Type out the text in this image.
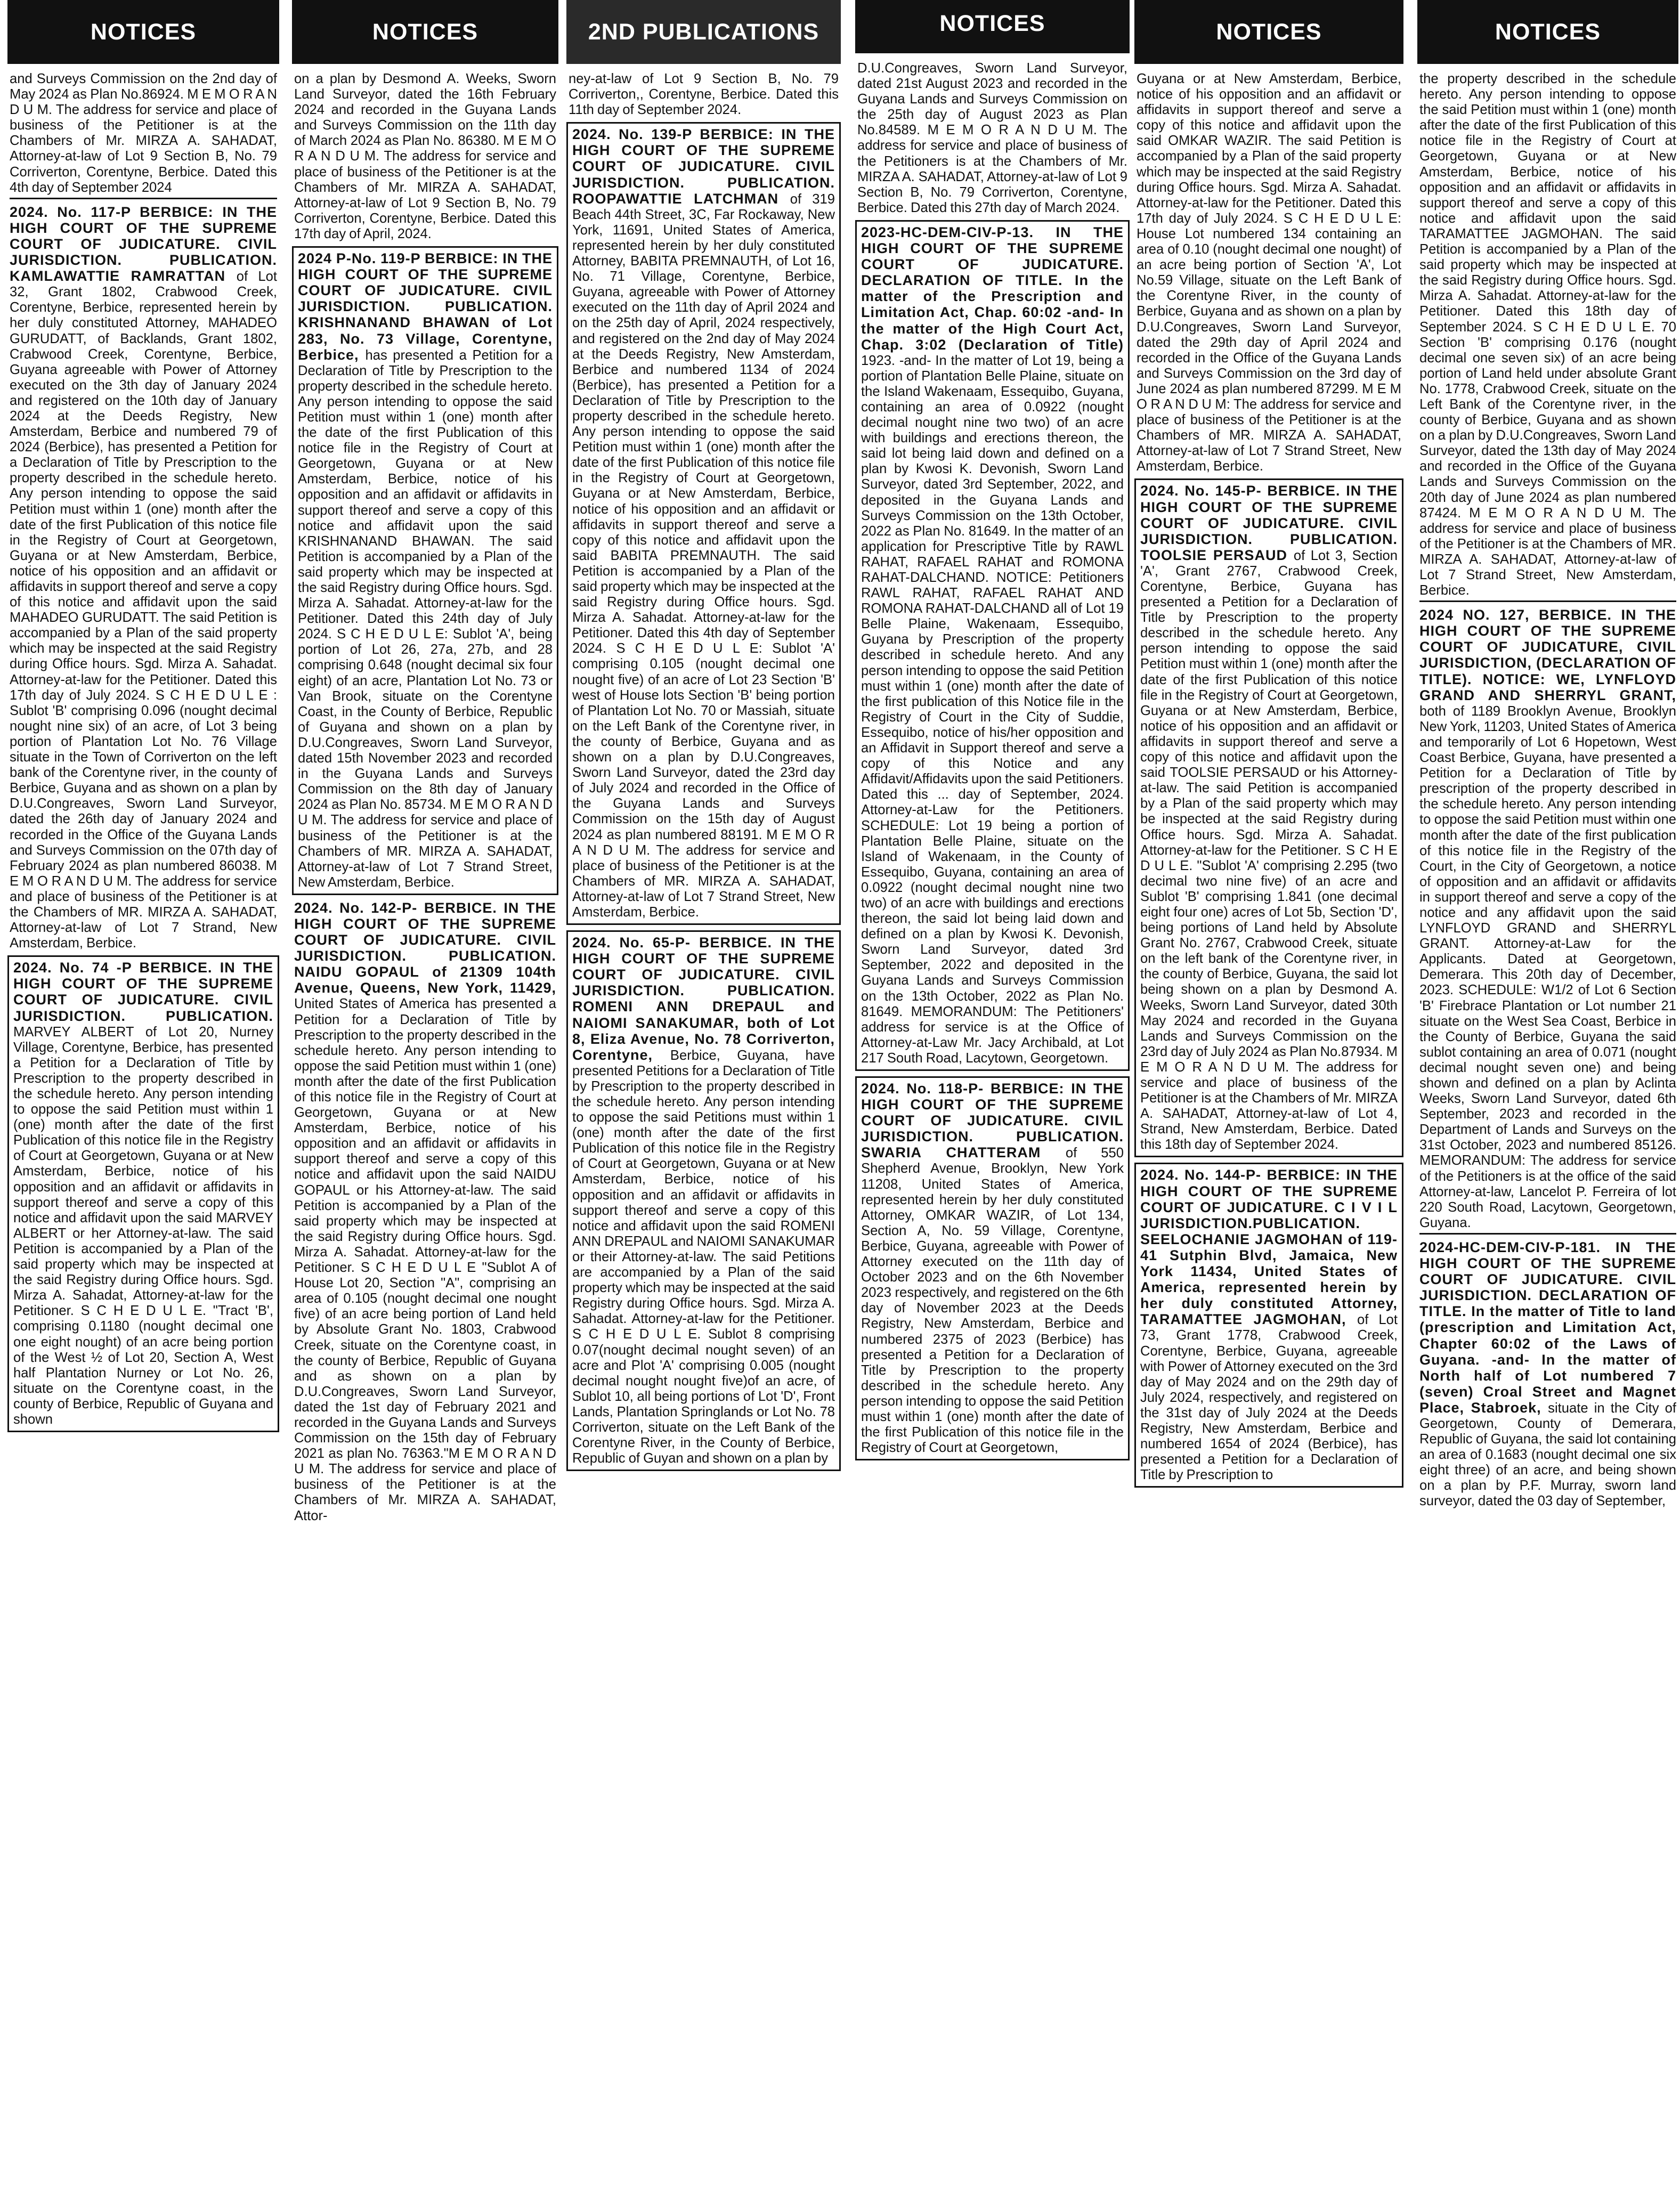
NOTICES
and Surveys Commission on the 2nd day of May 2024 as Plan No.86924. M E M O R A N D U M. The address for service and place of business of the Petitioner is at the Chambers of Mr. MIRZA A. SAHADAT, Attorney-at-law of Lot 9 Section B, No. 79 Corriverton, Corentyne, Berbice. Dated this 4th day of September 2024
2024. No. 117-P BERBICE: IN THE HIGH COURT OF THE SUPREME COURT OF JUDICATURE. CIVIL JURISDICTION. PUBLICATION. KAMLAWATTIE RAMRATTAN of Lot 32, Grant 1802, Crabwood Creek, Corentyne, Berbice, represented herein by her duly constituted Attorney, MAHADEO GURUDATT, of Backlands, Grant 1802, Crabwood Creek, Corentyne, Berbice, Guyana agreeable with Power of Attorney executed on the 3th day of January 2024 and registered on the 10th day of January 2024 at the Deeds Registry, New Amsterdam, Berbice and numbered 79 of 2024 (Berbice), has presented a Petition for a Declaration of Title by Prescription to the property described in the schedule hereto. Any person intending to oppose the said Petition must within 1 (one) month after the date of the first Publication of this notice file in the Registry of Court at Georgetown, Guyana or at New Amsterdam, Berbice, notice of his opposition and an affidavit or affidavits in support thereof and serve a copy of this notice and affidavit upon the said MAHADEO GURUDATT. The said Petition is accompanied by a Plan of the said property which may be inspected at the said Registry during Office hours. Sgd. Mirza A. Sahadat. Attorney-at-law for the Petitioner. Dated this 17th day of July 2024. S C H E D U L E : Sublot 'B' comprising 0.096 (nought decimal nought nine six) of an acre, of Lot 3 being portion of Plantation Lot No. 76 Village situate in the Town of Corriverton on the left bank of the Corentyne river, in the county of Berbice, Guyana and as shown on a plan by D.U.Congreaves, Sworn Land Surveyor, dated the 26th day of January 2024 and recorded in the Office of the Guyana Lands and Surveys Commission on the 07th day of February 2024 as plan numbered 86038. M E M O R A N D U M. The address for service and place of business of the Petitioner is at the Chambers of MR. MIRZA A. SAHADAT, Attorney-at-law of Lot 7 Strand, New Amsterdam, Berbice.
2024. No. 74 -P BERBICE. IN THE HIGH COURT OF THE SUPREME COURT OF JUDICATURE. CIVIL JURISDICTION. PUBLICATION. MARVEY ALBERT of Lot 20, Nurney Village, Corentyne, Berbice, has presented a Petition for a Declaration of Title by Prescription to the property described in the schedule hereto. Any person intending to oppose the said Petition must within 1 (one) month after the date of the first Publication of this notice file in the Registry of Court at Georgetown, Guyana or at New Amsterdam, Berbice, notice of his opposition and an affidavit or affidavits in support thereof and serve a copy of this notice and affidavit upon the said MARVEY ALBERT or her Attorney-at-law. The said Petition is accompanied by a Plan of the said property which may be inspected at the said Registry during Office hours. Sgd. Mirza A. Sahadat, Attorney-at-law for the Petitioner. S C H E D U L E. "Tract 'B', comprising 0.1180 (nought decimal one one eight nought) of an acre being portion of the West ½ of Lot 20, Section A, West half Plantation Nurney or Lot No. 26, situate on the Corentyne coast, in the county of Berbice, Republic of Guyana and shown
NOTICES
on a plan by Desmond A. Weeks, Sworn Land Surveyor, dated the 16th February 2024 and recorded in the Guyana Lands and Surveys Commission on the 11th day of March 2024 as Plan No. 86380. M E M O R A N D U M. The address for service and place of business of the Petitioner is at the Chambers of Mr. MIRZA A. SAHADAT, Attorney-at-law of Lot 9 Section B, No. 79 Corriverton, Corentyne, Berbice. Dated this 17th day of April, 2024.
2024 P-No. 119-P BERBICE: IN THE HIGH COURT OF THE SUPREME COURT OF JUDICATURE. CIVIL JURISDICTION. PUBLICATION. KRISHNANAND BHAWAN of Lot 283, No. 73 Village, Corentyne, Berbice, has presented a Petition for a Declaration of Title by Prescription to the property described in the schedule hereto. Any person intending to oppose the said Petition must within 1 (one) month after the date of the first Publication of this notice file in the Registry of Court at Georgetown, Guyana or at New Amsterdam, Berbice, notice of his opposition and an affidavit or affidavits in support thereof and serve a copy of this notice and affidavit upon the said KRISHNANAND BHAWAN. The said Petition is accompanied by a Plan of the said property which may be inspected at the said Registry during Office hours. Sgd. Mirza A. Sahadat. Attorney-at-law for the Petitioner. Dated this 24th day of July 2024. S C H E D U L E: Sublot 'A', being portion of Lot 26, 27a, 27b, and 28 comprising 0.648 (nought decimal six four eight) of an acre, Plantation Lot No. 73 or Van Brook, situate on the Corentyne Coast, in the County of Berbice, Republic of Guyana and shown on a plan by D.U.Congreaves, Sworn Land Surveyor, dated 15th November 2023 and recorded in the Guyana Lands and Surveys Commission on the 8th day of January 2024 as Plan No. 85734. M E M O R A N D U M. The address for service and place of business of the Petitioner is at the Chambers of MR. MIRZA A. SAHADAT, Attorney-at-law of Lot 7 Strand Street, New Amsterdam, Berbice.
2024. No. 142-P- BERBICE. IN THE HIGH COURT OF THE SUPREME COURT OF JUDICATURE. CIVIL JURISDICTION. PUBLICATION. NAIDU GOPAUL of 21309 104th Avenue, Queens, New York, 11429, United States of America has presented a Petition for a Declaration of Title by Prescription to the property described in the schedule hereto. Any person intending to oppose the said Petition must within 1 (one) month after the date of the first Publication of this notice file in the Registry of Court at Georgetown, Guyana or at New Amsterdam, Berbice, notice of his opposition and an affidavit or affidavits in support thereof and serve a copy of this notice and affidavit upon the said NAIDU GOPAUL or his Attorney-at-law. The said Petition is accompanied by a Plan of the said property which may be inspected at the said Registry during Office hours. Sgd. Mirza A. Sahadat. Attorney-at-law for the Petitioner. S C H E D U L E "Sublot A of House Lot 20, Section "A", comprising an area of 0.105 (nought decimal one nought five) of an acre being portion of Land held by Absolute Grant No. 1803, Crabwood Creek, situate on the Corentyne coast, in the county of Berbice, Republic of Guyana and as shown on a plan by D.U.Congreaves, Sworn Land Surveyor, dated the 1st day of February 2021 and recorded in the Guyana Lands and Surveys Commission on the 15th day of February 2021 as plan No. 76363."M E M O R A N D U M. The address for service and place of business of the Petitioner is at the Chambers of Mr. MIRZA A. SAHADAT, Attor-
2ND PUBLICATIONS
ney-at-law of Lot 9 Section B, No. 79 Corriverton,, Corentyne, Berbice. Dated this 11th day of September 2024.
2024. No. 139-P BERBICE: IN THE HIGH COURT OF THE SUPREME COURT OF JUDICATURE. CIVIL JURISDICTION. PUBLICATION. ROOPAWATTIE LATCHMAN of 319 Beach 44th Street, 3C, Far Rockaway, New York, 11691, United States of America, represented herein by her duly constituted Attorney, BABITA PREMNAUTH, of Lot 16, No. 71 Village, Corentyne, Berbice, Guyana, agreeable with Power of Attorney executed on the 11th day of April 2024 and on the 25th day of April, 2024 respectively, and registered on the 2nd day of May 2024 at the Deeds Registry, New Amsterdam, Berbice and numbered 1134 of 2024 (Berbice), has presented a Petition for a Declaration of Title by Prescription to the property described in the schedule hereto. Any person intending to oppose the said Petition must within 1 (one) month after the date of the first Publication of this notice file in the Registry of Court at Georgetown, Guyana or at New Amsterdam, Berbice, notice of his opposition and an affidavit or affidavits in support thereof and serve a copy of this notice and affidavit upon the said BABITA PREMNAUTH. The said Petition is accompanied by a Plan of the said property which may be inspected at the said Registry during Office hours. Sgd. Mirza A. Sahadat. Attorney-at-law for the Petitioner. Dated this 4th day of September 2024. S C H E D U L E: Sublot 'A' comprising 0.105 (nought decimal one nought five) of an acre of Lot 23 Section 'B' west of House lots Section 'B' being portion of Plantation Lot No. 70 or Massiah, situate on the Left Bank of the Corentyne river, in the county of Berbice, Guyana and as shown on a plan by D.U.Congreaves, Sworn Land Surveyor, dated the 23rd day of July 2024 and recorded in the Office of the Guyana Lands and Surveys Commission on the 15th day of August 2024 as plan numbered 88191. M E M O R A N D U M. The address for service and place of business of the Petitioner is at the Chambers of MR. MIRZA A. SAHADAT, Attorney-at-law of Lot 7 Strand Street, New Amsterdam, Berbice.
2024. No. 65-P- BERBICE. IN THE HIGH COURT OF THE SUPREME COURT OF JUDICATURE. CIVIL JURISDICTION. PUBLICATION. ROMENI ANN DREPAUL and NAIOMI SANAKUMAR, both of Lot 8, Eliza Avenue, No. 78 Corriverton, Corentyne, Berbice, Guyana, have presented Petitions for a Declaration of Title by Prescription to the property described in the schedule hereto. Any person intending to oppose the said Petitions must within 1 (one) month after the date of the first Publication of this notice file in the Registry of Court at Georgetown, Guyana or at New Amsterdam, Berbice, notice of his opposition and an affidavit or affidavits in support thereof and serve a copy of this notice and affidavit upon the said ROMENI ANN DREPAUL and NAIOMI SANAKUMAR or their Attorney-at-law. The said Petitions are accompanied by a Plan of the said property which may be inspected at the said Registry during Office hours. Sgd. Mirza A. Sahadat. Attorney-at-law for the Petitioner. S C H E D U L E. Sublot 8 comprising 0.07(nought decimal nought seven) of an acre and Plot 'A' comprising 0.005 (nought decimal nought nought five)of an acre, of Sublot 10, all being portions of Lot 'D', Front Lands, Plantation Springlands or Lot No. 78 Corriverton, situate on the Left Bank of the Corentyne River, in the County of Berbice, Republic of Guyan and shown on a plan by
NOTICES
D.U.Congreaves, Sworn Land Surveyor, dated 21st August 2023 and recorded in the Guyana Lands and Surveys Commission on the 25th day of August 2023 as Plan No.84589. M E M O R A N D U M. The address for service and place of business of the Petitioners is at the Chambers of Mr. MIRZA A. SAHADAT, Attorney-at-law of Lot 9 Section B, No. 79 Corriverton, Corentyne, Berbice. Dated this 27th day of March 2024.
2023-HC-DEM-CIV-P-13. IN THE HIGH COURT OF THE SUPREME COURT OF JUDICATURE. DECLARATION OF TITLE. In the matter of the Prescription and Limitation Act, Chap. 60:02 -and- In the matter of the High Court Act, Chap. 3:02 (Declaration of Title) 1923. -and- In the matter of Lot 19, being a portion of Plantation Belle Plaine, situate on the Island Wakenaam, Essequibo, Guyana, containing an area of 0.0922 (nought decimal nought nine two two) of an acre with buildings and erections thereon, the said lot being laid down and defined on a plan by Kwosi K. Devonish, Sworn Land Surveyor, dated 3rd September, 2022, and deposited in the Guyana Lands and Surveys Commission on the 13th October, 2022 as Plan No. 81649. In the matter of an application for Prescriptive Title by RAWL RAHAT, RAFAEL RAHAT and ROMONA RAHAT-DALCHAND. NOTICE: Petitioners RAWL RAHAT, RAFAEL RAHAT AND ROMONA RAHAT-DALCHAND all of Lot 19 Belle Plaine, Wakenaam, Essequibo, Guyana by Prescription of the property described in schedule hereto. And any person intending to oppose the said Petition must within 1 (one) month after the date of the first publication of this Notice file in the Registry of Court in the City of Suddie, Essequibo, notice of his/her opposition and an Affidavit in Support thereof and serve a copy of this Notice and any Affidavit/Affidavits upon the said Petitioners. Dated this ... day of September, 2024. Attorney-at-Law for the Petitioners. SCHEDULE: Lot 19 being a portion of Plantation Belle Plaine, situate on the Island of Wakenaam, in the County of Essequibo, Guyana, containing an area of 0.0922 (nought decimal nought nine two two) of an acre with buildings and erections thereon, the said lot being laid down and defined on a plan by Kwosi K. Devonish, Sworn Land Surveyor, dated 3rd September, 2022 and deposited in the Guyana Lands and Surveys Commission on the 13th October, 2022 as Plan No. 81649. MEMORANDUM: The Petitioners' address for service is at the Office of Attorney-at-Law Mr. Jacy Archibald, at Lot 217 South Road, Lacytown, Georgetown.
2024. No. 118-P- BERBICE: IN THE HIGH COURT OF THE SUPREME COURT OF JUDICATURE. CIVIL JURISDICTION. PUBLICATION. SWARIA CHATTERAM of 550 Shepherd Avenue, Brooklyn, New York 11208, United States of America, represented herein by her duly constituted Attorney, OMKAR WAZIR, of Lot 134, Section A, No. 59 Village, Corentyne, Berbice, Guyana, agreeable with Power of Attorney executed on the 11th day of October 2023 and on the 6th November 2023 respectively, and registered on the 6th day of November 2023 at the Deeds Registry, New Amsterdam, Berbice and numbered 2375 of 2023 (Berbice) has presented a Petition for a Declaration of Title by Prescription to the property described in the schedule hereto. Any person intending to oppose the said Petition must within 1 (one) month after the date of the first Publication of this notice file in the Registry of Court at Georgetown,
NOTICES
Guyana or at New Amsterdam, Berbice, notice of his opposition and an affidavit or affidavits in support thereof and serve a copy of this notice and affidavit upon the said OMKAR WAZIR. The said Petition is accompanied by a Plan of the said property which may be inspected at the said Registry during Office hours. Sgd. Mirza A. Sahadat. Attorney-at-law for the Petitioner. Dated this 17th day of July 2024. S C H E D U L E: House Lot numbered 134 containing an area of 0.10 (nought decimal one nought) of an acre being portion of Section 'A', Lot No.59 Village, situate on the Left Bank of the Corentyne River, in the county of Berbice, Guyana and as shown on a plan by D.U.Congreaves, Sworn Land Surveyor, dated the 29th day of April 2024 and recorded in the Office of the Guyana Lands and Surveys Commission on the 3rd day of June 2024 as plan numbered 87299. M E M O R A N D U M: The address for service and place of business of the Petitioner is at the Chambers of MR. MIRZA A. SAHADAT, Attorney-at-law of Lot 7 Strand Street, New Amsterdam, Berbice.
2024. No. 145-P- BERBICE. IN THE HIGH COURT OF THE SUPREME COURT OF JUDICATURE. CIVIL JURISDICTION. PUBLICATION. TOOLSIE PERSAUD of Lot 3, Section 'A', Grant 2767, Crabwood Creek, Corentyne, Berbice, Guyana has presented a Petition for a Declaration of Title by Prescription to the property described in the schedule hereto. Any person intending to oppose the said Petition must within 1 (one) month after the date of the first Publication of this notice file in the Registry of Court at Georgetown, Guyana or at New Amsterdam, Berbice, notice of his opposition and an affidavit or affidavits in support thereof and serve a copy of this notice and affidavit upon the said TOOLSIE PERSAUD or his Attorney-at-law. The said Petition is accompanied by a Plan of the said property which may be inspected at the said Registry during Office hours. Sgd. Mirza A. Sahadat. Attorney-at-law for the Petitioner. S C H E D U L E. "Sublot 'A' comprising 2.295 (two decimal two nine five) of an acre and Sublot 'B' comprising 1.841 (one decimal eight four one) acres of Lot 5b, Section 'D', being portions of Land held by Absolute Grant No. 2767, Crabwood Creek, situate on the left bank of the Corentyne river, in the county of Berbice, Guyana, the said lot being shown on a plan by Desmond A. Weeks, Sworn Land Surveyor, dated 30th May 2024 and recorded in the Guyana Lands and Surveys Commission on the 23rd day of July 2024 as Plan No.87934. M E M O R A N D U M. The address for service and place of business of the Petitioner is at the Chambers of Mr. MIRZA A. SAHADAT, Attorney-at-law of Lot 4, Strand, New Amsterdam, Berbice. Dated this 18th day of September 2024.
2024. No. 144-P- BERBICE: IN THE HIGH COURT OF THE SUPREME COURT OF JUDICATURE. C I V I L JURISDICTION.PUBLICATION. SEELOCHANIE JAGMOHAN of 119-41 Sutphin Blvd, Jamaica, New York 11434, United States of America, represented herein by her duly constituted Attorney, TARAMATTEE JAGMOHAN, of Lot 73, Grant 1778, Crabwood Creek, Corentyne, Berbice, Guyana, agreeable with Power of Attorney executed on the 3rd day of May 2024 and on the 29th day of July 2024, respectively, and registered on the 31st day of July 2024 at the Deeds Registry, New Amsterdam, Berbice and numbered 1654 of 2024 (Berbice), has presented a Petition for a Declaration of Title by Prescription to
NOTICES
the property described in the schedule hereto. Any person intending to oppose the said Petition must within 1 (one) month after the date of the first Publication of this notice file in the Registry of Court at Georgetown, Guyana or at New Amsterdam, Berbice, notice of his opposition and an affidavit or affidavits in support thereof and serve a copy of this notice and affidavit upon the said TARAMATTEE JAGMOHAN. The said Petition is accompanied by a Plan of the said property which may be inspected at the said Registry during Office hours. Sgd. Mirza A. Sahadat. Attorney-at-law for the Petitioner. Dated this 18th day of September 2024. S C H E D U L E. 70 Section 'B' comprising 0.176 (nought decimal one seven six) of an acre being portion of Land held under absolute Grant No. 1778, Crabwood Creek, situate on the Left Bank of the Corentyne river, in the county of Berbice, Guyana and as shown on a plan by D.U.Congreaves, Sworn Land Surveyor, dated the 13th day of May 2024 and recorded in the Office of the Guyana Lands and Surveys Commission on the 20th day of June 2024 as plan numbered 87424. M E M O R A N D U M. The address for service and place of business of the Petitioner is at the Chambers of MR. MIRZA A. SAHADAT, Attorney-at-law of Lot 7 Strand Street, New Amsterdam, Berbice.
2024 NO. 127, BERBICE. IN THE HIGH COURT OF THE SUPREME COURT OF JUDICATURE, CIVIL JURISDICTION, (DECLARATION OF TITLE). NOTICE: WE, LYNFLOYD GRAND AND SHERRYL GRANT, both of 1189 Brooklyn Avenue, Brooklyn New York, 11203, United States of America and temporarily of Lot 6 Hopetown, West Coast Berbice, Guyana, have presented a Petition for a Declaration of Title by prescription of the property described in the schedule hereto. Any person intending to oppose the said Petition must within one month after the date of the first publication of this notice file in the Registry of the Court, in the City of Georgetown, a notice of opposition and an affidavit or affidavits in support thereof and serve a copy of the notice and any affidavit upon the said LYNFLOYD GRAND and SHERRYL GRANT. Attorney-at-Law for the Applicants. Dated at Georgetown, Demerara. This 20th day of December, 2023. SCHEDULE: W1/2 of Lot 6 Section 'B' Firebrace Plantation or Lot number 21 situate on the West Sea Coast, Berbice in the County of Berbice, Guyana the said sublot containing an area of 0.071 (nought decimal nought seven one) and being shown and defined on a plan by Aclinta Weeks, Sworn Land Surveyor, dated 6th September, 2023 and recorded in the Department of Lands and Surveys on the 31st October, 2023 and numbered 85126. MEMORANDUM: The address for service of the Petitioners is at the office of the said Attorney-at-law, Lancelot P. Ferreira of lot 220 South Road, Lacytown, Georgetown, Guyana.
2024-HC-DEM-CIV-P-181. IN THE HIGH COURT OF THE SUPREME COURT OF JUDICATURE. CIVIL JURISDICTION. DECLARATION OF TITLE. In the matter of Title to land (prescription and Limitation Act, Chapter 60:02 of the Laws of Guyana. -and- In the matter of North half of Lot numbered 7 (seven) Croal Street and Magnet Place, Stabroek, situate in the City of Georgetown, County of Demerara, Republic of Guyana, the said lot containing an area of 0.1683 (nought decimal one six eight three) of an acre, and being shown on a plan by P.F. Murray, sworn land surveyor, dated the 03 day of September,
